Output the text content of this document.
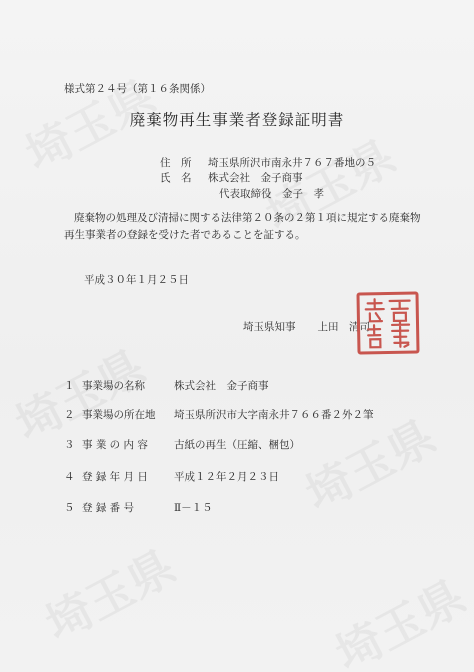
様式第２４号（第１６条関係）
廃棄物再生事業者登録証明書
住　所 埼玉県所沢市南永井７６７番地の５
氏　名 株式会社　金子商事
代表取締役　金子　孝
廃棄物の処理及び清掃に関する法律第２０条の２第１項に規定する廃棄物再生事業者の登録を受けた者であることを証する。
平成３０年１月２５日
埼玉県知事 上田　清司
１ 事業場の名称	株式会社　金子商事
２ 事業場の所在地 埼玉県所沢市大字南永井７６６番２外２筆
３ 事 業 の 内 容 古紙の再生（圧縮、梱包）
４ 登 録 年 月 日 平成１２年２月２３日
５ 登 録 番 号	Ⅱ－１５
